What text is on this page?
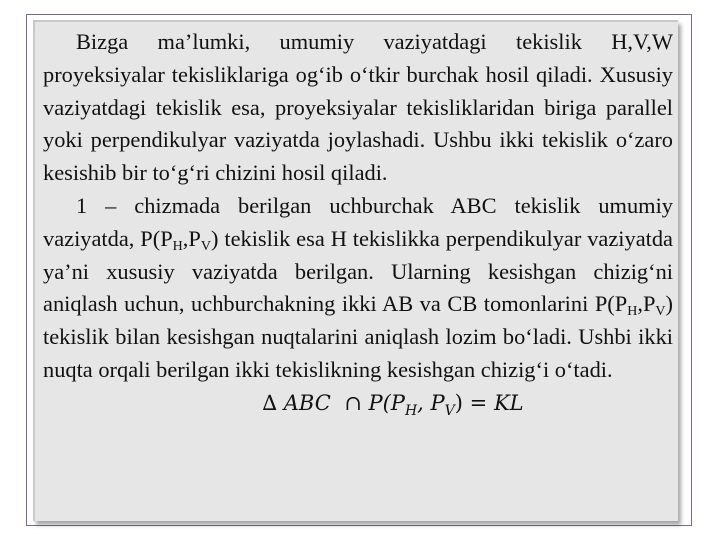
Bizga ma’lumki, umumiy vaziyatdagi tekislik H,V,W proyeksiyalar tekisliklariga og‘ib o‘tkir burchak hosil qiladi. Xususiy vaziyatdagi tekislik esa, proyeksiyalar tekisliklaridan biriga parallel yoki perpendikulyar vaziyatda joylashadi. Ushbu ikki tekislik o‘zaro kesishib bir to‘g‘ri chizini hosil qiladi.

1 – chizmada berilgan uchburchak ABC tekislik umumiy vaziyatda, $P(P_H,P_V)$ tekislik esa H tekislikka perpendikulyar vaziyatda ya’ni xususiy vaziyatda berilgan. Ularning kesishgan chizig‘ni aniqlash uchun, uchburchakning ikki AB va CB tomonlarini $P(P_H,P_V)$ tekislik bilan kesishgan nuqtalarini aniqlash lozim bo‘ladi. Ushbi ikki nuqta orqali berilgan ikki tekislikning kesishgan chizig‘i o‘tadi.

∆ ABC ∩ $P(P_H$, $P_V$) = KL
